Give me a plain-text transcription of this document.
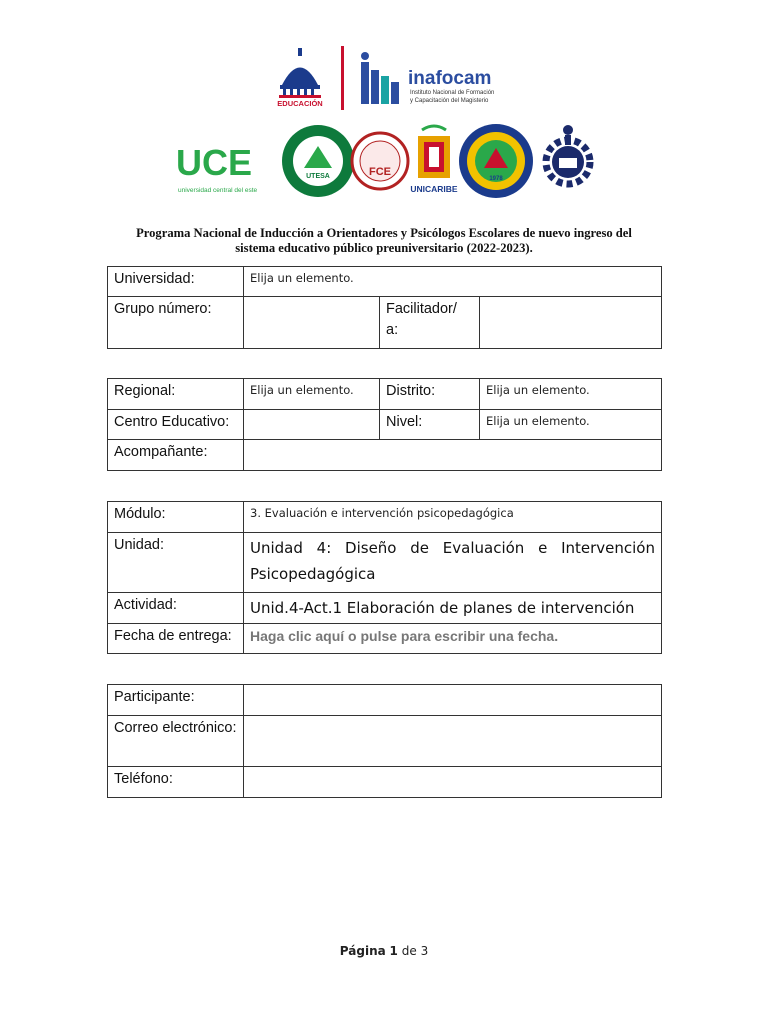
EDUCACIÓN
inafocam
Instituto Nacional de Formación
y Capacitación del Magisterio
UCE
universidad central del este
UTESA	FCE
UNICARIBE
1978
Programa Nacional de Inducción a Orientadores y Psicólogos Escolares de nuevo ingreso del sistema educativo público preuniversitario (2022-2023).
Universidad:	Elija un elemento.		
Grupo número:		Facilitador/ a:	
Regional:	Elija un elemento.	Distrito:	Elija un elemento.
Centro Educativo:		Nivel:	Elija un elemento.
Acompañante:			
Módulo:	3. Evaluación e intervención psicopedagógica
Unidad:	Unidad 4: Diseño de Evaluación e Intervención Psicopedagógica

Actividad:	Unid.4-Act.1 Elaboración de planes de intervención
Fecha de entrega:	Haga clic aquí o pulse para escribir una fecha.
Participante:	
Correo electrónico:	
Teléfono:	
Página 1 de 3
